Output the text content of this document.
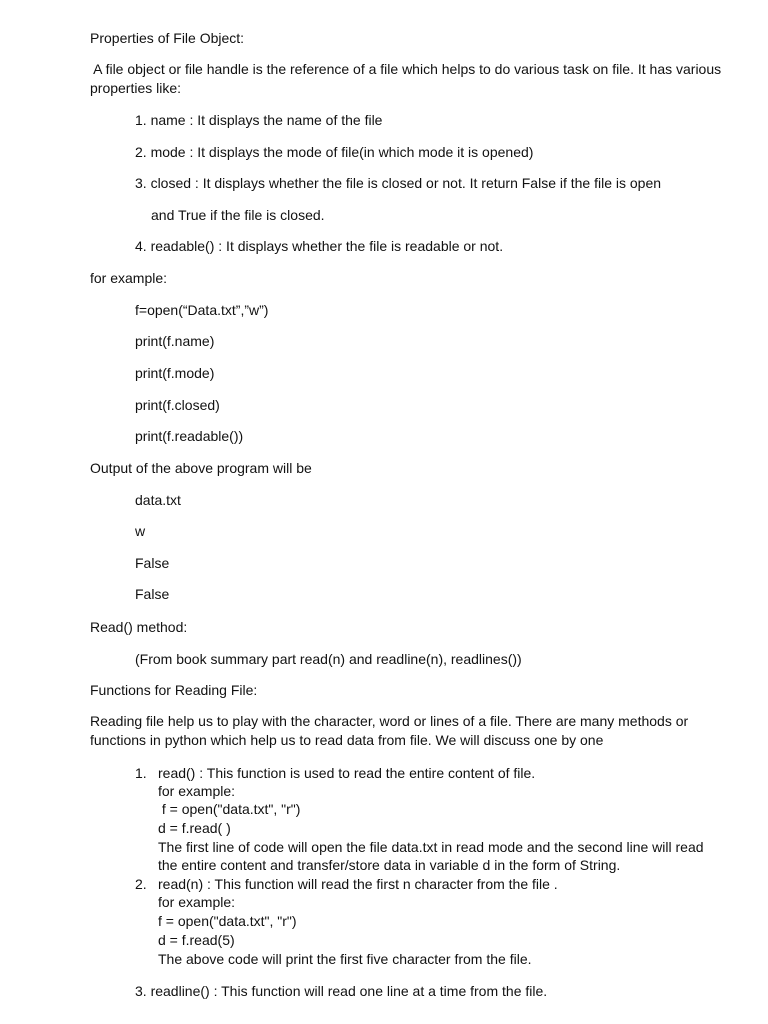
Properties of File Object:
A file object or file handle is the reference of a file which helps to do various task on file. It has various
properties like:
1. name : It displays the name of the file
2. mode : It displays the mode of file(in which mode it is opened)
3. closed : It displays whether the file is closed or not. It return False if the file is open
and True if the file is closed.
4. readable() : It displays whether the file is readable or not.
for example:
f=open(“Data.txt”,”w”)
print(f.name)
print(f.mode)
print(f.closed)
print(f.readable())
Output of the above program will be
data.txt
w
False
False
Read() method:
(From book summary part read(n) and readline(n), readlines())
Functions for Reading File:
Reading file help us to play with the character, word or lines of a file. There are many methods or
functions in python which help us to read data from file. We will discuss one by one
1. read() : This function is used to read the entire content of file.
for example:
f = open("data.txt", "r")
d = f.read( )
The first line of code will open the file data.txt in read mode and the second line will read
the entire content and transfer/store data in variable d in the form of String.
2. read(n) : This function will read the first n character from the file .
for example:
f = open("data.txt", "r")
d = f.read(5)
The above code will print the first five character from the file.
3. readline() : This function will read one line at a time from the file.
